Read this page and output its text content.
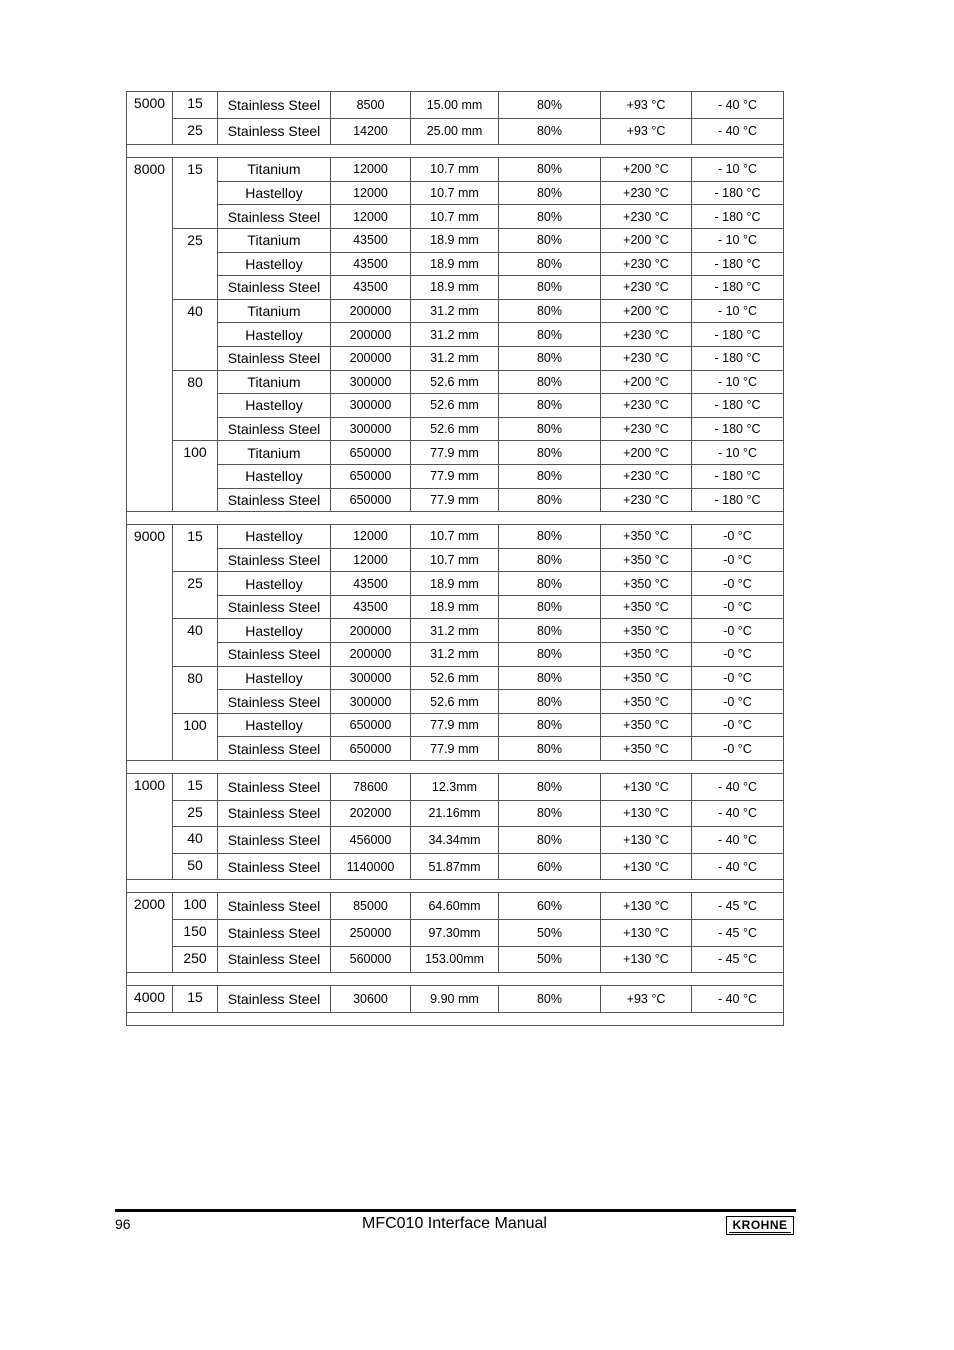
5000	15	Stainless Steel	8500	15.00 mm	80%	+93 °C	- 40 °C
	25	Stainless Steel	14200	25.00 mm	80%	+93 °C	- 40 °C

8000	15	Titanium	12000	10.7 mm	80%	+200 °C	- 10 °C
		Hastelloy	12000	10.7 mm	80%	+230 °C	- 180 °C
		Stainless Steel	12000	10.7 mm	80%	+230 °C	- 180 °C
	25	Titanium	43500	18.9 mm	80%	+200 °C	- 10 °C
		Hastelloy	43500	18.9 mm	80%	+230 °C	- 180 °C
		Stainless Steel	43500	18.9 mm	80%	+230 °C	- 180 °C
	40	Titanium	200000	31.2 mm	80%	+200 °C	- 10 °C
		Hastelloy	200000	31.2 mm	80%	+230 °C	- 180 °C
		Stainless Steel	200000	31.2 mm	80%	+230 °C	- 180 °C
	80	Titanium	300000	52.6 mm	80%	+200 °C	- 10 °C
		Hastelloy	300000	52.6 mm	80%	+230 °C	- 180 °C
		Stainless Steel	300000	52.6 mm	80%	+230 °C	- 180 °C
	100	Titanium	650000	77.9 mm	80%	+200 °C	- 10 °C
		Hastelloy	650000	77.9 mm	80%	+230 °C	- 180 °C
		Stainless Steel	650000	77.9 mm	80%	+230 °C	- 180 °C

9000	15	Hastelloy	12000	10.7 mm	80%	+350 °C	-0 °C
		Stainless Steel	12000	10.7 mm	80%	+350 °C	-0 °C
	25	Hastelloy	43500	18.9 mm	80%	+350 °C	-0 °C
		Stainless Steel	43500	18.9 mm	80%	+350 °C	-0 °C
	40	Hastelloy	200000	31.2 mm	80%	+350 °C	-0 °C
		Stainless Steel	200000	31.2 mm	80%	+350 °C	-0 °C
	80	Hastelloy	300000	52.6 mm	80%	+350 °C	-0 °C
		Stainless Steel	300000	52.6 mm	80%	+350 °C	-0 °C
	100	Hastelloy	650000	77.9 mm	80%	+350 °C	-0 °C
		Stainless Steel	650000	77.9 mm	80%	+350 °C	-0 °C

1000	15	Stainless Steel	78600	12.3mm	80%	+130 °C	- 40 °C
	25	Stainless Steel	202000	21.16mm	80%	+130 °C	- 40 °C
	40	Stainless Steel	456000	34.34mm	80%	+130 °C	- 40 °C
	50	Stainless Steel	1140000	51.87mm	60%	+130 °C	- 40 °C

2000	100	Stainless Steel	85000	64.60mm	60%	+130 °C	- 45 °C
	150	Stainless Steel	250000	97.30mm	50%	+130 °C	- 45 °C
	250	Stainless Steel	560000	153.00mm	50%	+130 °C	- 45 °C

4000	15	Stainless Steel	30600	9.90 mm	80%	+93 °C	- 40 °C

96	MFC010 Interface Manual	KROHNE
